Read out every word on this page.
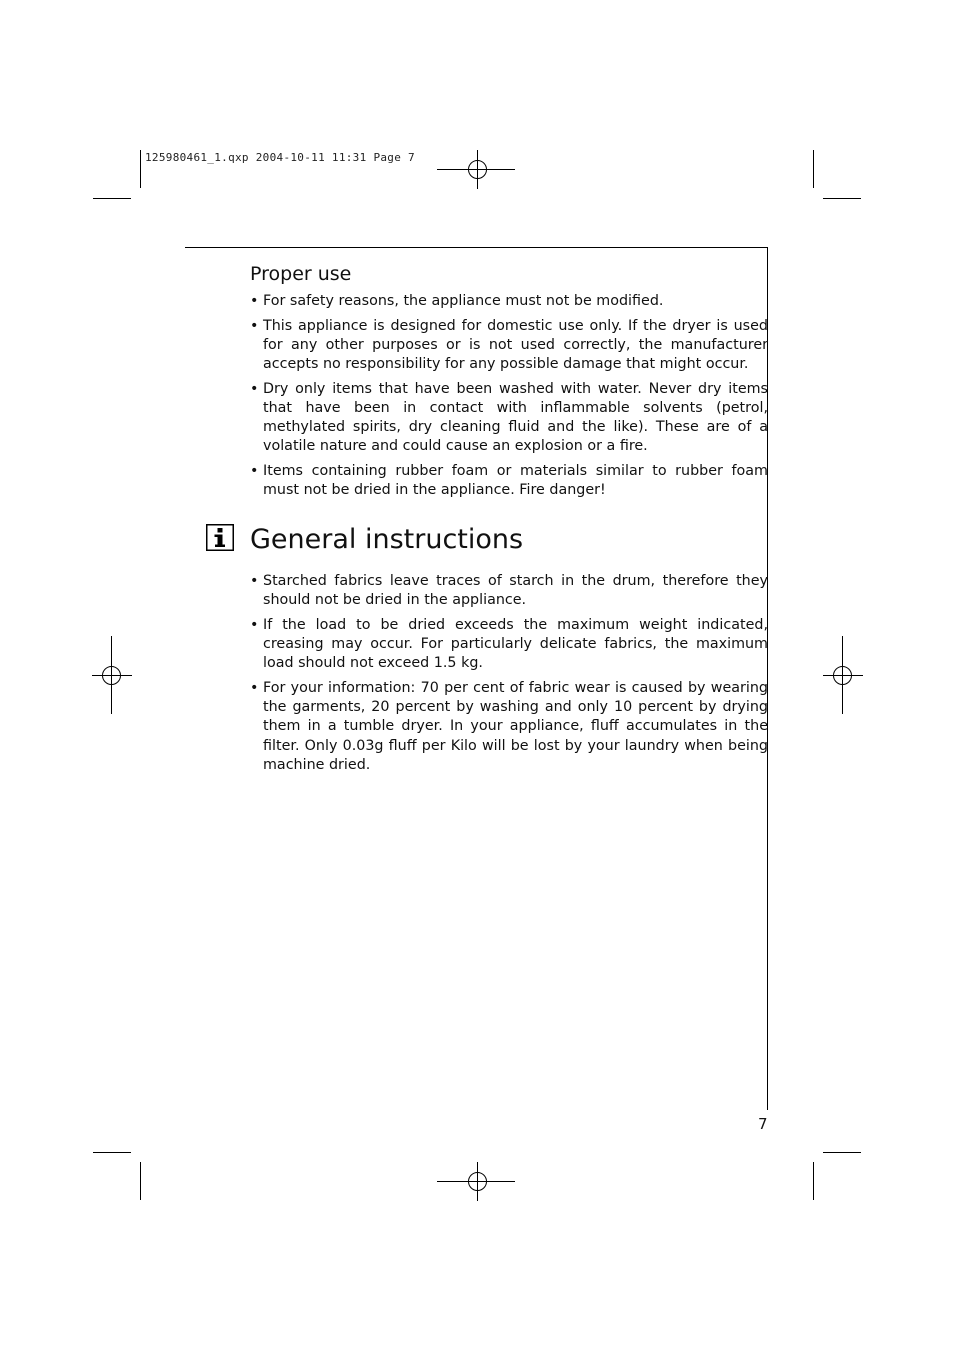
125980461_1.qxp 2004-10-11 11:31 Page 7
Proper use
• For safety reasons, the appliance must not be modified.
• This appliance is designed for domestic use only. If the dryer is used for any other purposes or is not used correctly, the manufacturer accepts no responsibility for any possible damage that might occur.
• Dry only items that have been washed with water. Never dry items that have been in contact with inflammable solvents (petrol, methylated spirits, dry cleaning fluid and the like). These are of a volatile nature and could cause an explosion or a fire.
• Items containing rubber foam or materials similar to rubber foam must not be dried in the appliance. Fire danger!
General instructions
• Starched fabrics leave traces of starch in the drum, therefore they should not be dried in the appliance.
• If the load to be dried exceeds the maximum weight indicated, creasing may occur. For particularly delicate fabrics, the maximum load should not exceed 1.5 kg.
• For your information: 70 per cent of fabric wear is caused by wearing the garments, 20 percent by washing and only 10 percent by drying them in a tumble dryer. In your appliance, fluff accumulates in the filter. Only 0.03g fluff per Kilo will be lost by your laundry when being machine dried.
7
